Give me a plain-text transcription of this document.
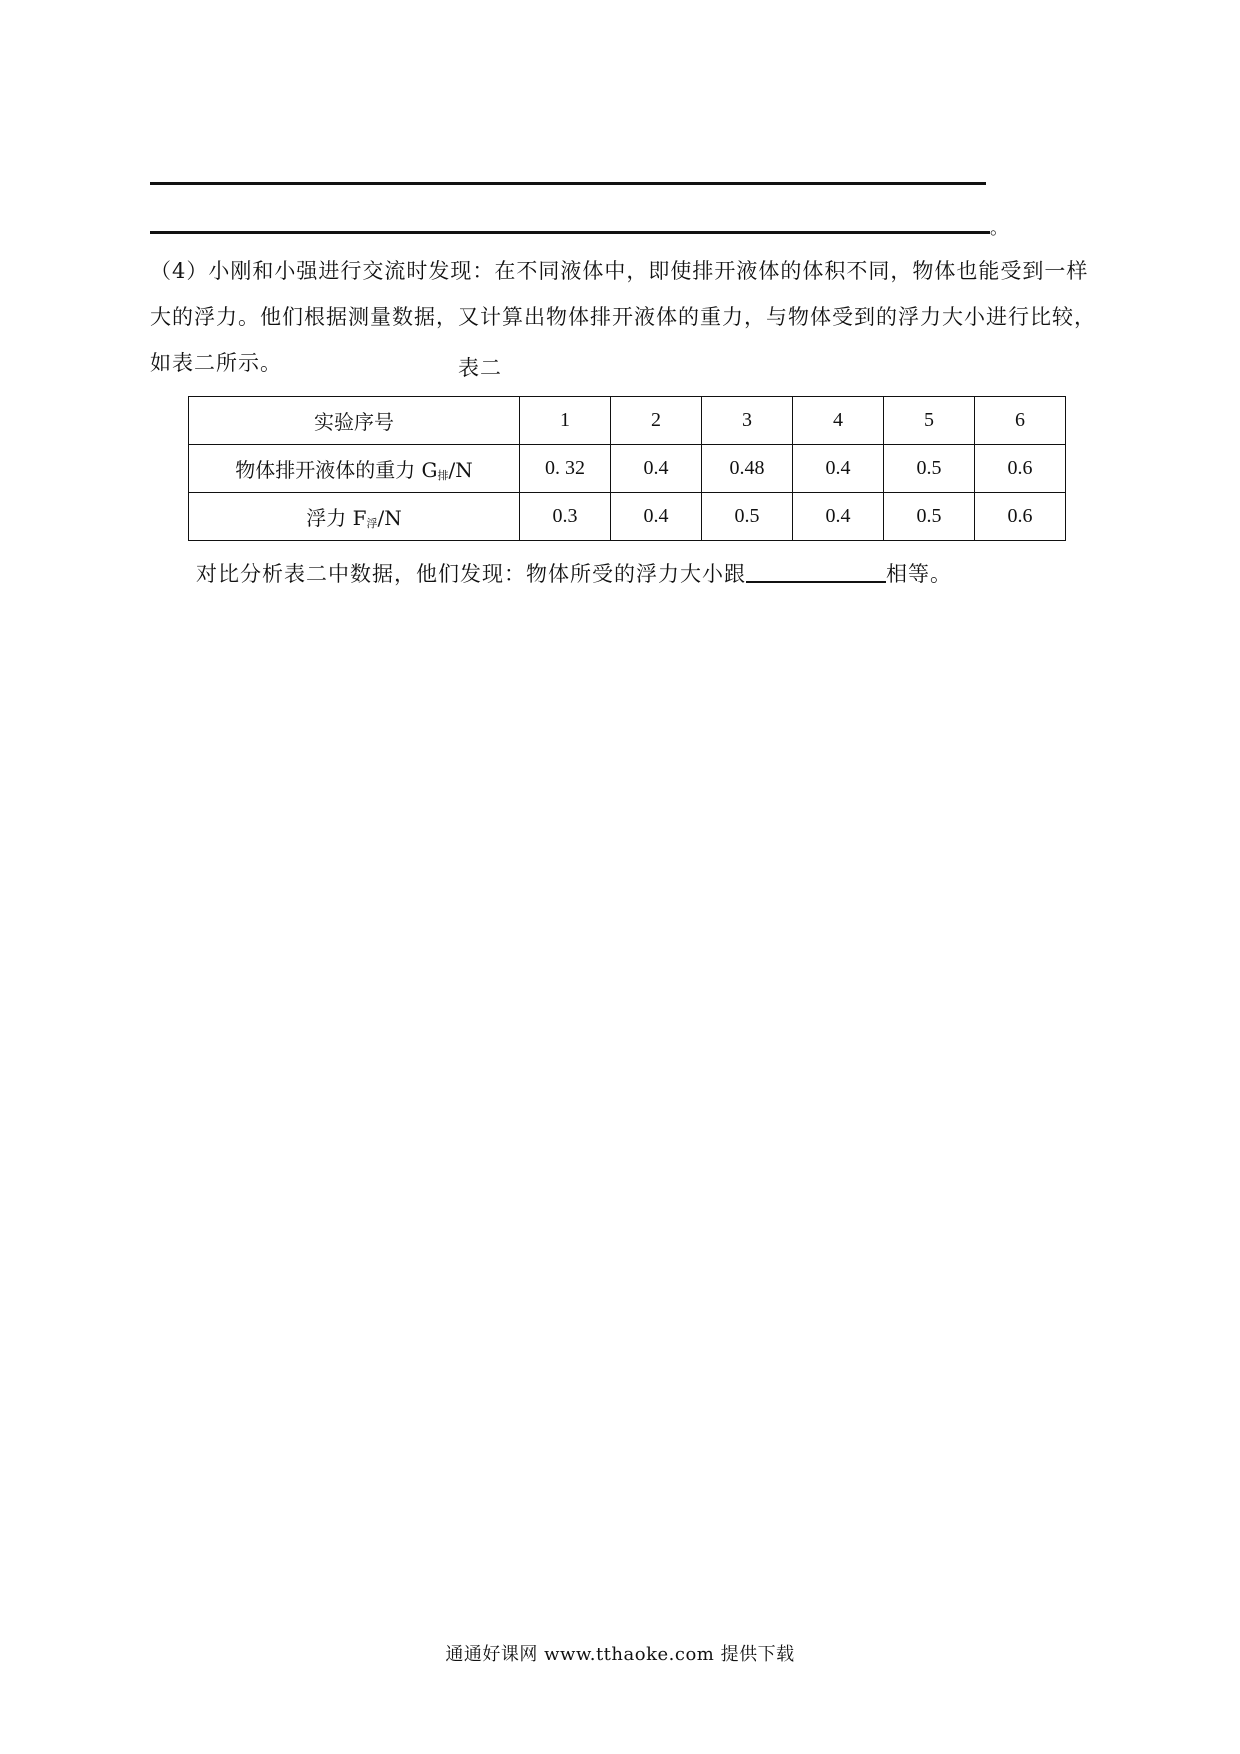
。
（4）小刚和小强进行交流时发现：在不同液体中，即使排开液体的体积不同，物体也能受到一样大的浮力。他们根据测量数据，又计算出物体排开液体的重力，与物体受到的浮力大小进行比较，如表二所示。	表二
实验序号	1	2	3	4	5	6
物体排开液体的重力 $G_排/N$	0. 32	0.4	0.48	0.4	0.5	0.6
浮力 $F_浮/N$	0.3	0.4	0.5	0.4	0.5	0.6
对比分析表二中数据，他们发现：物体所受的浮力大小跟	相等。
通通好课网 www.tthaoke.com 提供下载
